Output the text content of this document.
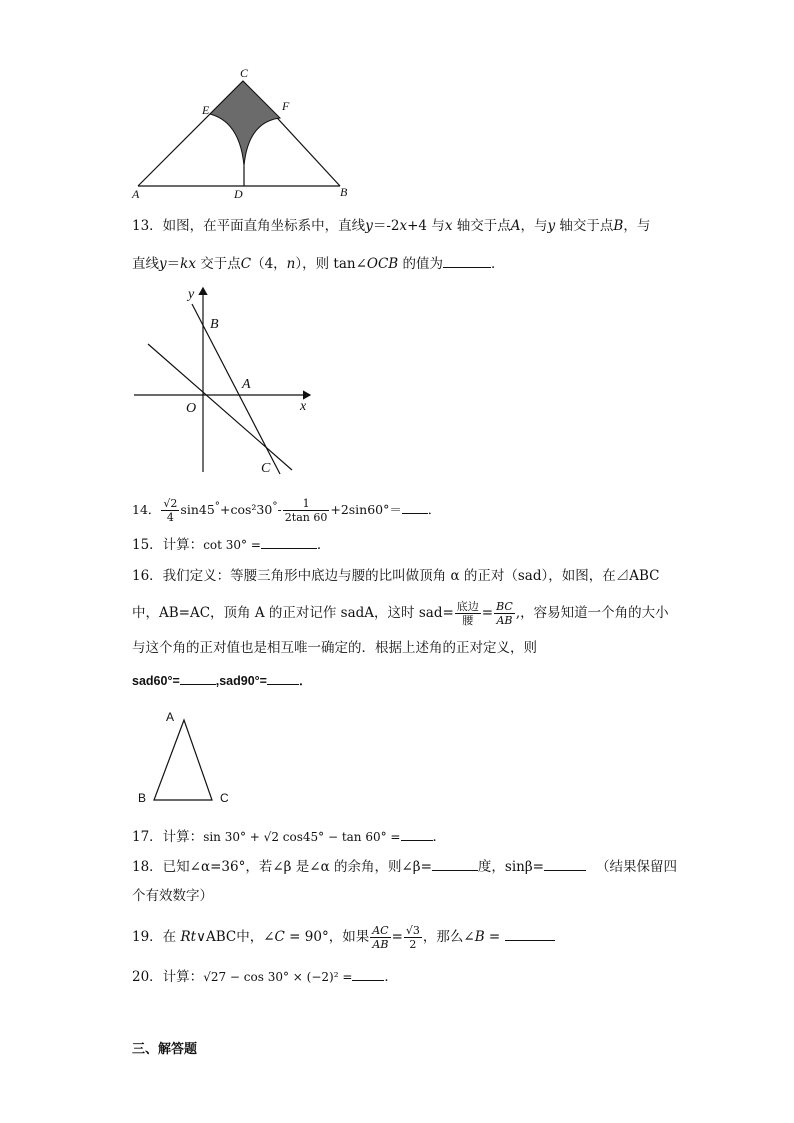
C
E	F
A	D	B
13．如图，在平面直角坐标系中，直线y＝-2x+4 与x 轴交于点A，与y 轴交于点B，与
直线y＝kx 交于点C（4，n），则 tan∠OCB 的值为	．
y
x
O
B
A
C
14． $\frac{√2}{4} \sin 45^\circ+\cos^230^\circ- \frac{1}{2\tan 60} +2\sin 60^\circ=$ ．
15．计算：cot 30° =	．
16．我们定义：等腰三角形中底边与腰的比叫做顶角 α 的正对（sad），如图，在⊿ABC
中，AB=AC，顶角 A 的正对记作 sadA，这时 $sad= \frac{\text{底边}}{\text{腰}} = \frac{BC}{AB}$ ,，容易知道一个角的大小
与这个角的正对值也是相互唯一确定的．根据上述角的正对定义，则
sad60°=	,sad90°=	．
A
B	C
17．计算：sin 30° + √2 cos45° − tan 60° = ．
18．已知∠α=36°，若∠β 是∠α 的余角，则∠β=	度，sinβ=	（结果保留四
个有效数字）
19．在 Rt∨ABC中，∠C = 90°，如果 $\frac{AC}{AB} = \frac{√3}{2}$ ，那么∠B =
20．计算：√27 − cos 30° × (−2)² = ．
三、解答题
